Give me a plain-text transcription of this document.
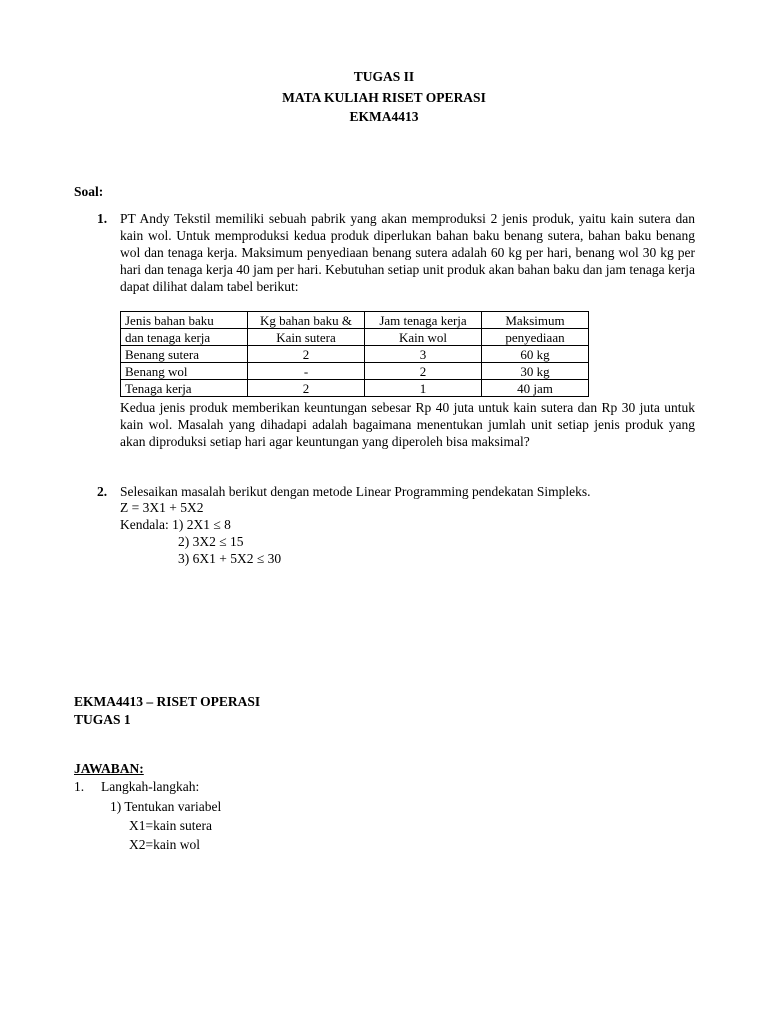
TUGAS II
MATA KULIAH RISET OPERASI
EKMA4413
Soal:
1. PT Andy Tekstil memiliki sebuah pabrik yang akan memproduksi 2 jenis produk, yaitu kain sutera dan kain wol. Untuk memproduksi kedua produk diperlukan bahan baku benang sutera, bahan baku benang wol dan tenaga kerja. Maksimum penyediaan benang sutera adalah 60 kg per hari, benang wol 30 kg per hari dan tenaga kerja 40 jam per hari. Kebutuhan setiap unit produk akan bahan baku dan jam tenaga kerja dapat dilihat dalam tabel berikut:
Jenis bahan baku	Kg bahan baku &	Jam tenaga kerja	Maksimum
dan tenaga kerja	Kain sutera	Kain wol	penyediaan
Benang sutera	2	3	60 kg
Benang wol	-	2	30 kg
Tenaga kerja	2	1	40 jam
Kedua jenis produk memberikan keuntungan sebesar Rp 40 juta untuk kain sutera dan Rp 30 juta untuk kain wol. Masalah yang dihadapi adalah bagaimana menentukan jumlah unit setiap jenis produk yang akan diproduksi setiap hari agar keuntungan yang diperoleh bisa maksimal?
2. Selesaikan masalah berikut dengan metode Linear Programming pendekatan Simpleks.
Z = 3X1 + 5X2
Kendala: 1) 2X1 ≤ 8
2) 3X2 ≤ 15
3) 6X1 + 5X2 ≤ 30
EKMA4413 – RISET OPERASI
TUGAS 1
JAWABAN:
1. Langkah-langkah:
1) Tentukan variabel
X1=kain sutera
X2=kain wol
